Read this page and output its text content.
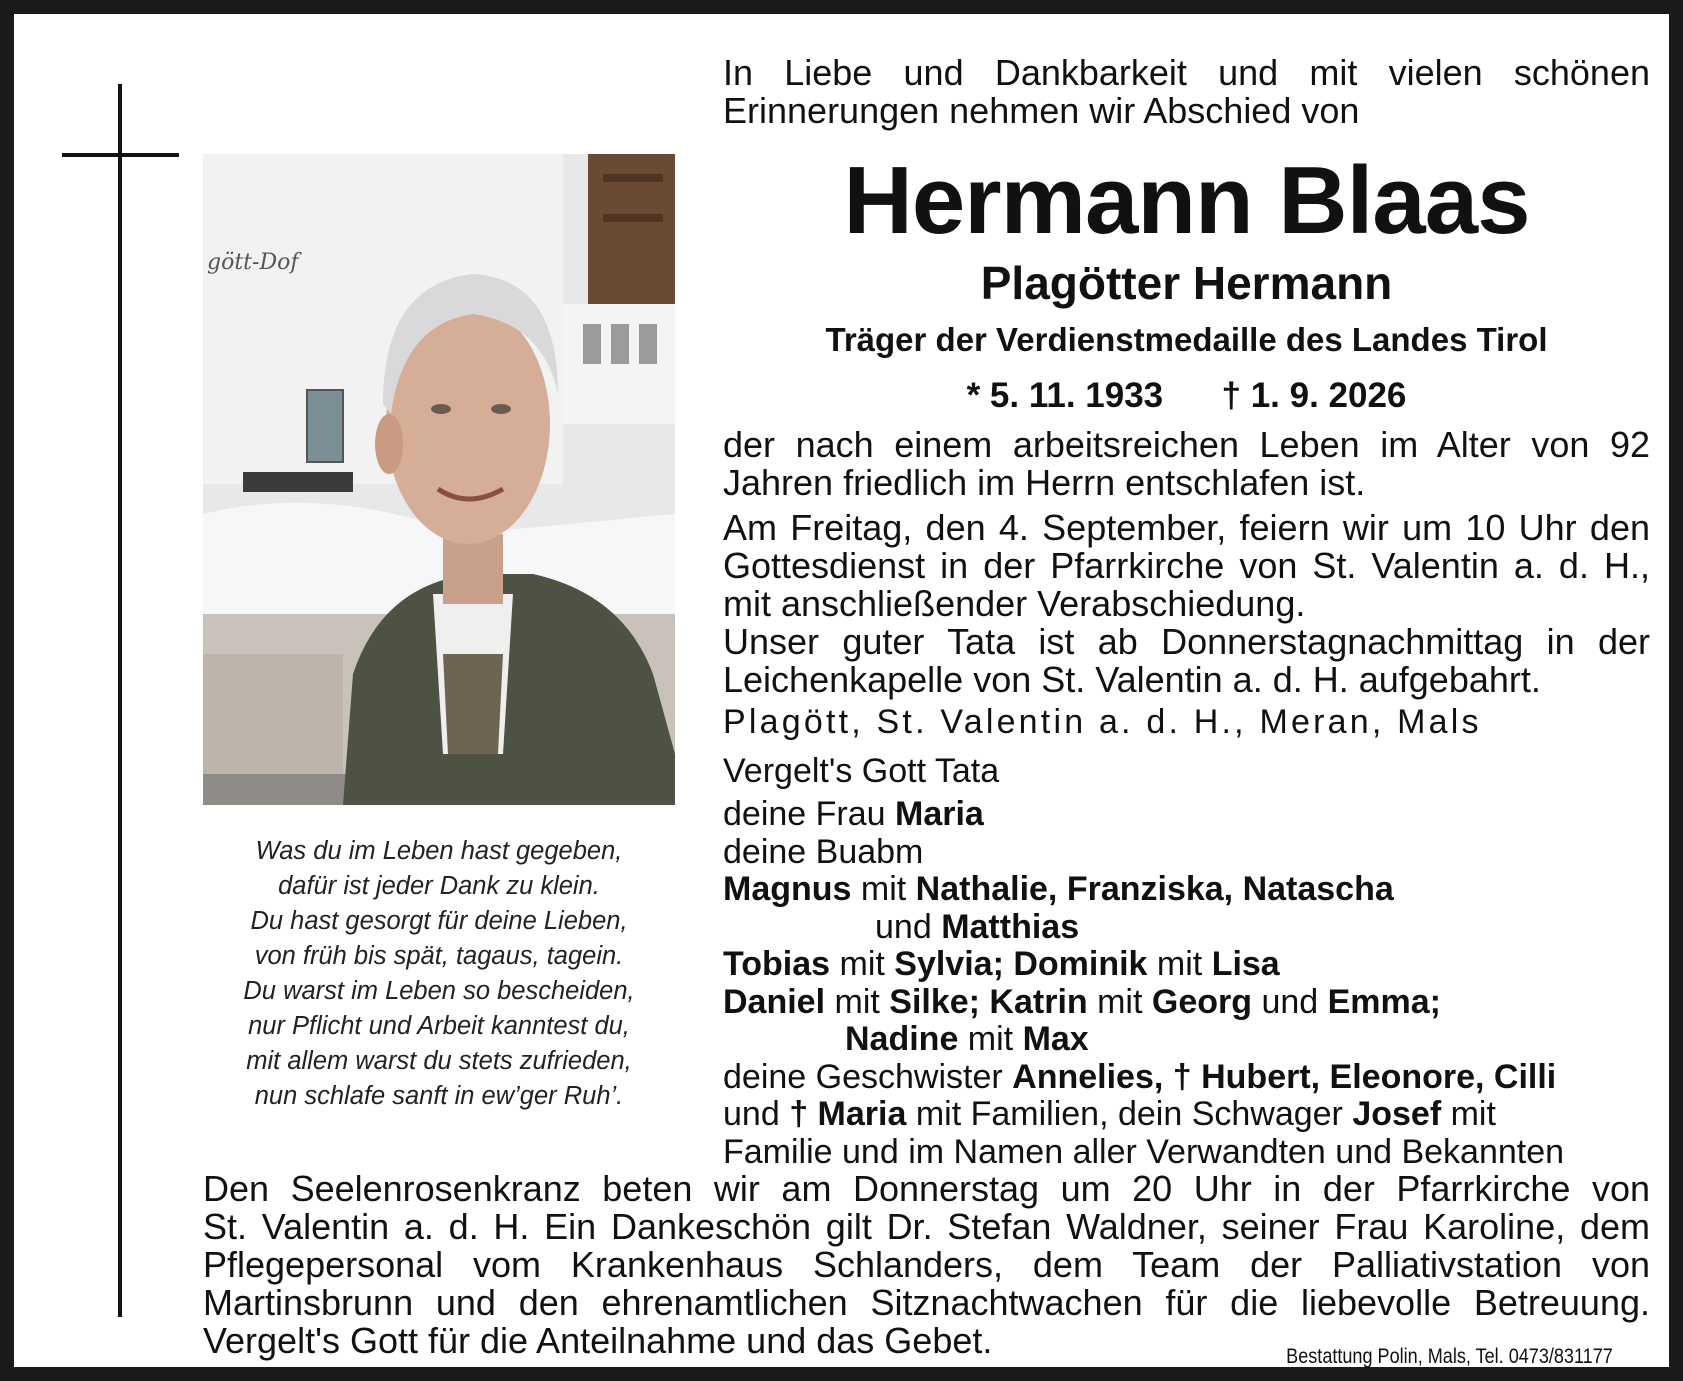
gött-Dof
Was du im Leben hast gegeben,
dafür ist jeder Dank zu klein.
Du hast gesorgt für deine Lieben,
von früh bis spät, tagaus, tagein.
Du warst im Leben so bescheiden,
nur Pflicht und Arbeit kanntest du,
mit allem warst du stets zufrieden,
nun schlafe sanft in ew’ger Ruh’.
In Liebe und Dankbarkeit und mit vielen schönen Erinnerungen nehmen wir Abschied von
Hermann Blaas
Plagötter Hermann
Träger der Verdienstmedaille des Landes Tirol
* 5. 11. 1933 † 1. 9. 2026
der nach einem arbeitsreichen Leben im Alter von 92 Jahren friedlich im Herrn entschlafen ist.
Am Freitag, den 4. September, feiern wir um 10 Uhr den Gottesdienst in der Pfarrkirche von St. Valentin a. d. H., mit anschließender Verabschiedung.
Unser guter Tata ist ab Donnerstagnachmittag in der Leichenkapelle von St. Valentin a. d. H. aufgebahrt.
Plagött, St. Valentin a. d. H., Meran, Mals
Vergelt's Gott Tata
deine Frau Maria
deine Buabm
Magnus mit Nathalie, Franziska, Natascha
und Matthias
Tobias mit Sylvia; Dominik mit Lisa
Daniel mit Silke; Katrin mit Georg und Emma;
Nadine mit Max
deine Geschwister Annelies, † Hubert, Eleonore, Cilli
und † Maria mit Familien, dein Schwager Josef mit
Familie und im Namen aller Verwandten und Bekannten
Den Seelenrosenkranz beten wir am Donnerstag um 20 Uhr in der Pfarrkirche von
St. Valentin a. d. H. Ein Dankeschön gilt Dr. Stefan Waldner, seiner Frau Karoline, dem
Pflegepersonal vom Krankenhaus Schlanders, dem Team der Palliativstation von
Martinsbrunn und den ehrenamtlichen Sitznachtwachen für die liebevolle Betreuung.
Vergelt's Gott für die Anteilnahme und das Gebet.	Bestattung Polin, Mals, Tel. 0473/831177
